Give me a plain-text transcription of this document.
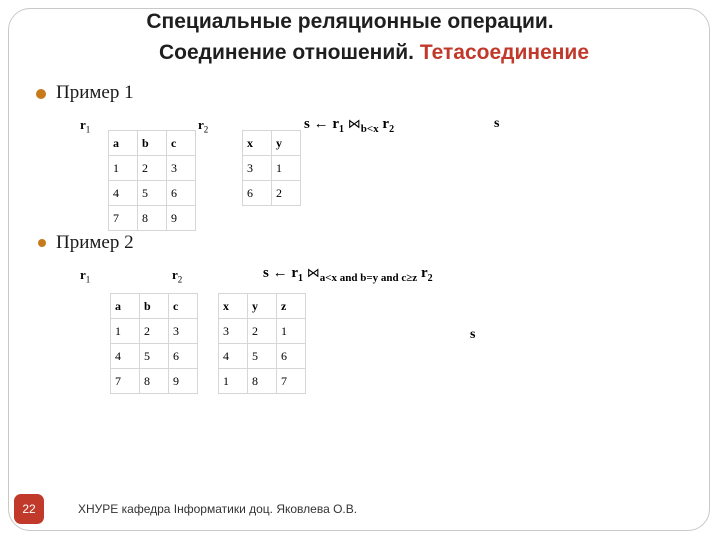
Специальные реляционные операции.
Соединение отношений. Тетасоединение
Пример 1
$r_1$	$r_2$
a	b	c
1	2	3
4	5	6
7	8	9
x	y
3	1
6	2
s ← $r_1$ $⋈_{b<x}$ $r_2$	s
Пример 2
$r_1$	$r_2$	s ← $r_1$ $⋈_{a<x and b=y and c\ge z}$ $r_2$
a	b	c
1	2	3
4	5	6
7	8	9
x	y	z
3	2	1
4	5	6
1	8	7
s
22	ХНУРЕ кафедра Інформатики доц. Яковлева О.В.
